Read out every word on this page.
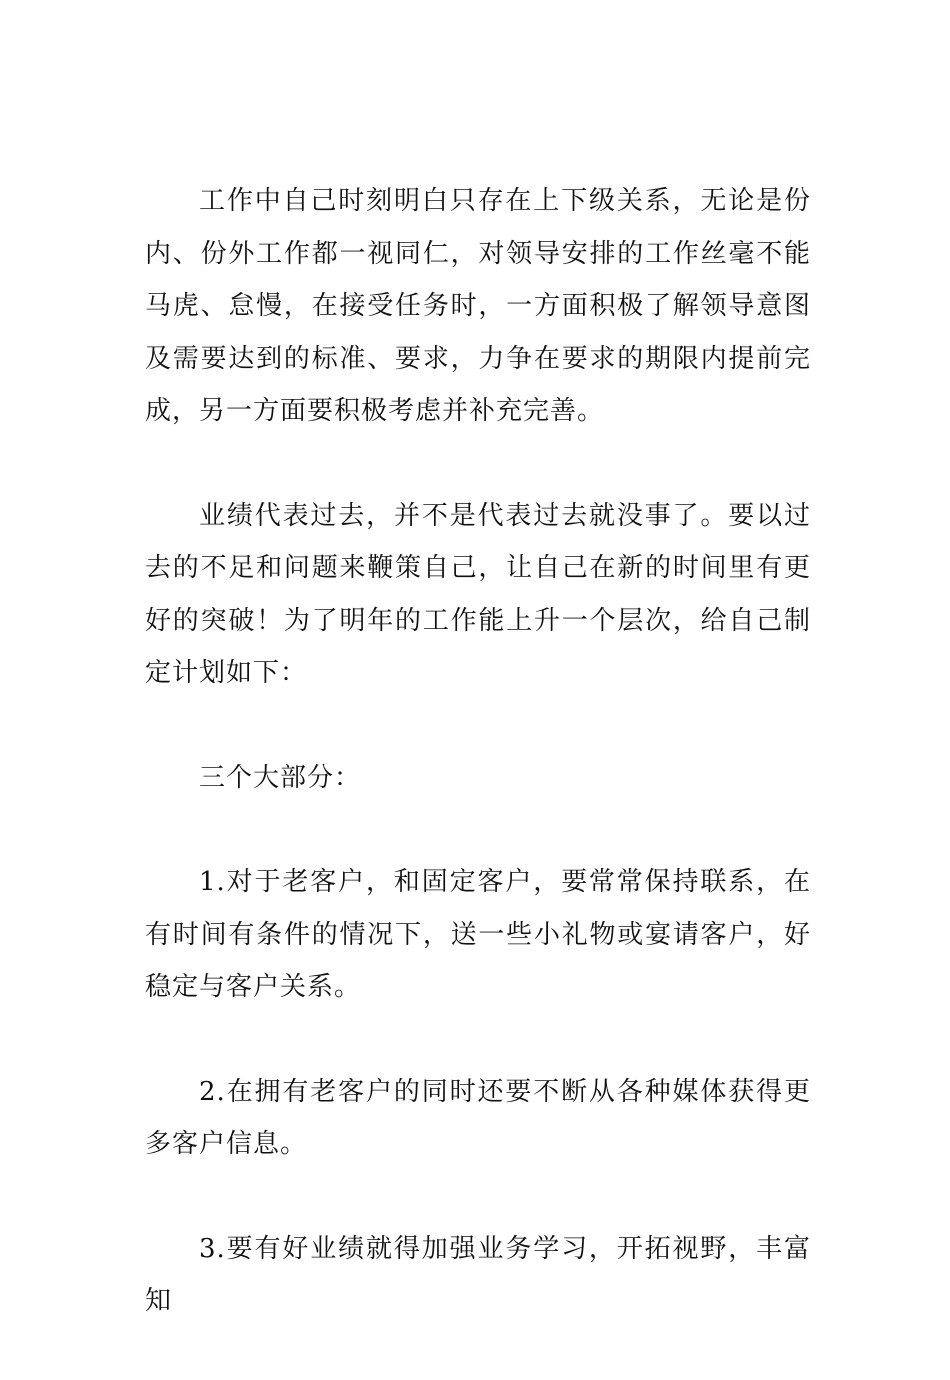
工作中自己时刻明白只存在上下级关系，无论是份内、份外工作都一视同仁，对领导安排的工作丝毫不能马虎、怠慢，在接受任务时，一方面积极了解领导意图及需要达到的标准、要求，力争在要求的期限内提前完成，另一方面要积极考虑并补充完善。

业绩代表过去，并不是代表过去就没事了。要以过去的不足和问题来鞭策自己，让自己在新的时间里有更好的突破！为了明年的工作能上升一个层次，给自己制定计划如下：

三个大部分：

1.对于老客户，和固定客户，要常常保持联系，在有时间有条件的情况下，送一些小礼物或宴请客户，好稳定与客户关系。

2.在拥有老客户的同时还要不断从各种媒体获得更多客户信息。

3.要有好业绩就得加强业务学习，开拓视野，丰富知
